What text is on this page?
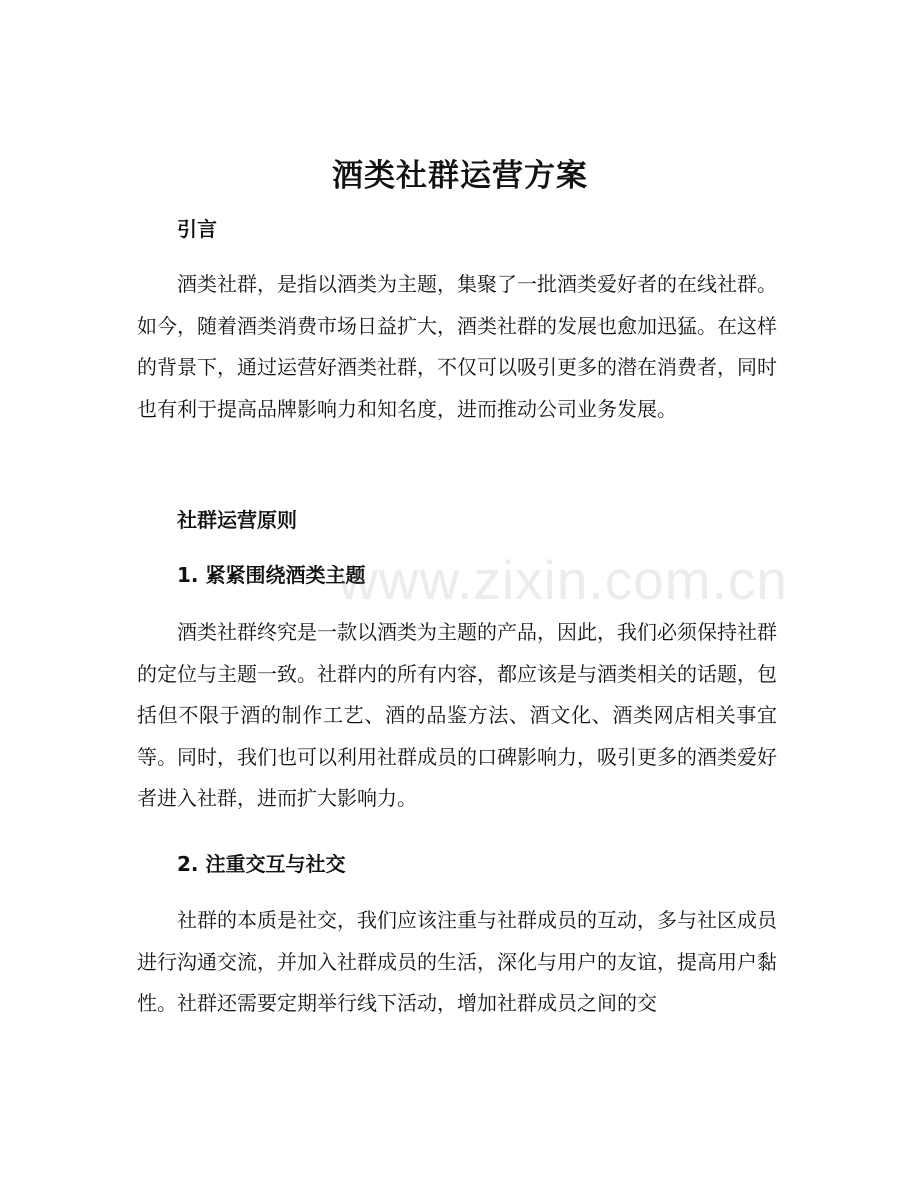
酒类社群运营方案
引言

酒类社群，是指以酒类为主题，集聚了一批酒类爱好者的在线社群。如今，随着酒类消费市场日益扩大，酒类社群的发展也愈加迅猛。在这样的背景下，通过运营好酒类社群，不仅可以吸引更多的潜在消费者，同时也有利于提高品牌影响力和知名度，进而推动公司业务发展。

社群运营原则
1. 紧紧围绕酒类主题

酒类社群终究是一款以酒类为主题的产品，因此，我们必须保持社群的定位与主题一致。社群内的所有内容，都应该是与酒类相关的话题，包括但不限于酒的制作工艺、酒的品鉴方法、酒文化、酒类网店相关事宜等。同时，我们也可以利用社群成员的口碑影响力，吸引更多的酒类爱好者进入社群，进而扩大影响力。

2. 注重交互与社交

社群的本质是社交，我们应该注重与社群成员的互动，多与社区成员进行沟通交流，并加入社群成员的生活，深化与用户的友谊，提高用户黏性。社群还需要定期举行线下活动，增加社群成员之间的交

www.zixin.com.cn
